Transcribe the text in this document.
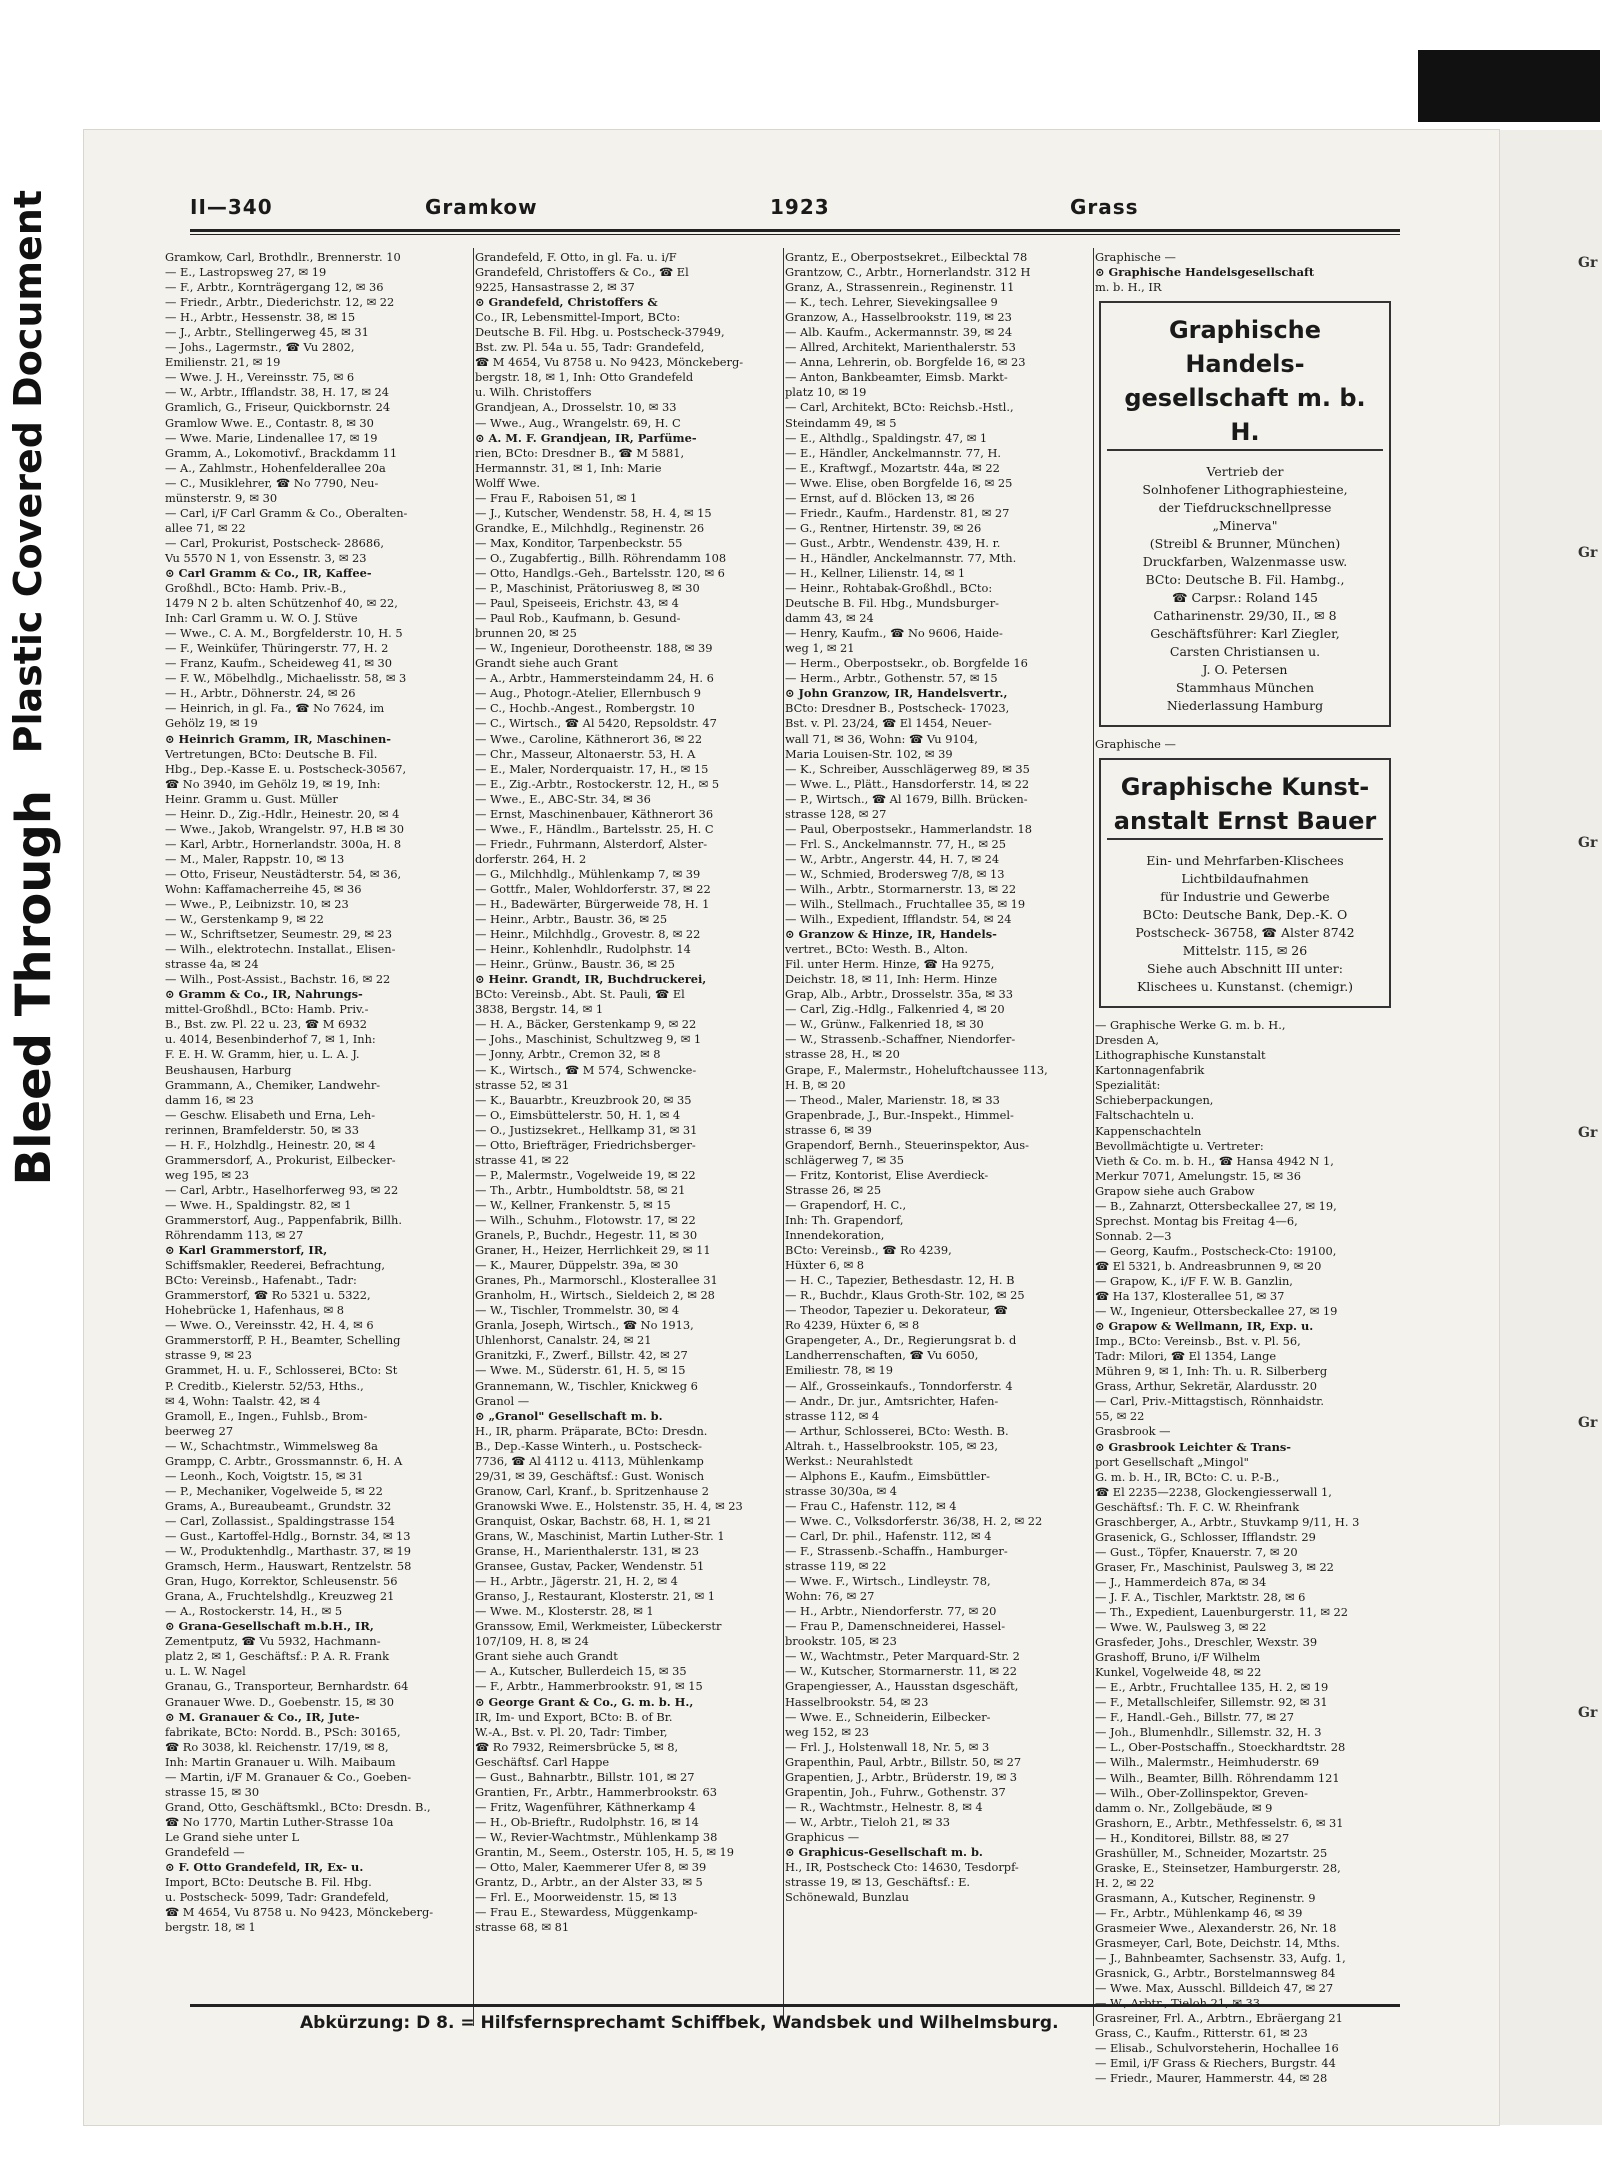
Plastic Covered Document
Bleed Through
Gr
Gr
Gr
Gr
Gr
Gr
II—340	Gramkow	1923	Grass

Gramkow, Carl, Brothdlr., Brennerstr. 10

— E., Lastropsweg 27, ✉ 19

— F., Arbtr., Kornträgergang 12, ✉ 36

— Friedr., Arbtr., Diederichstr. 12, ✉ 22

— H., Arbtr., Hessenstr. 38, ✉ 15

— J., Arbtr., Stellingerweg 45, ✉ 31

— Johs., Lagermstr., ☎ Vu 2802,

Emilienstr. 21, ✉ 19

— Wwe. J. H., Vereinsstr. 75, ✉ 6

— W., Arbtr., Ifflandstr. 38, H. 17, ✉ 24

Gramlich, G., Friseur, Quickbornstr. 24

Gramlow Wwe. E., Contastr. 8, ✉ 30

— Wwe. Marie, Lindenallee 17, ✉ 19

Gramm, A., Lokomotivf., Brackdamm 11

— A., Zahlmstr., Hohenfelderallee 20a

— C., Musiklehrer, ☎ No 7790, Neu-

münsterstr. 9, ✉ 30

— Carl, i/F Carl Gramm & Co., Oberalten-

allee 71, ✉ 22

— Carl, Prokurist, Postscheck- 28686,

Vu 5570 N 1, von Essenstr. 3, ✉ 23

⊙ Carl Gramm & Co., IR, Kaffee-

Großhdl., BCto: Hamb. Priv.-B.,

1479 N 2 b. alten Schützenhof 40, ✉ 22,

Inh: Carl Gramm u. W. O. J. Stüve

— Wwe., C. A. M., Borgfelderstr. 10, H. 5

— F., Weinküfer, Thüringerstr. 77, H. 2

— Franz, Kaufm., Scheideweg 41, ✉ 30

— F. W., Möbelhdlg., Michaelisstr. 58, ✉ 3

— H., Arbtr., Döhnerstr. 24, ✉ 26

— Heinrich, in gl. Fa., ☎ No 7624, im

Gehölz 19, ✉ 19

⊙ Heinrich Gramm, IR, Maschinen-

Vertretungen, BCto: Deutsche B. Fil.

Hbg., Dep.-Kasse E. u. Postscheck-30567,

☎ No 3940, im Gehölz 19, ✉ 19, Inh:

Heinr. Gramm u. Gust. Müller

— Heinr. D., Zig.-Hdlr., Heinestr. 20, ✉ 4

— Wwe., Jakob, Wrangelstr. 97, H.B ✉ 30

— Karl, Arbtr., Hornerlandstr. 300a, H. 8

— M., Maler, Rappstr. 10, ✉ 13

— Otto, Friseur, Neustädterstr. 54, ✉ 36,

Wohn: Kaffamacherreihe 45, ✉ 36

— Wwe., P., Leibnizstr. 10, ✉ 23

— W., Gerstenkamp 9, ✉ 22

— W., Schriftsetzer, Seumestr. 29, ✉ 23

— Wilh., elektrotechn. Installat., Elisen-

strasse 4a, ✉ 24

— Wilh., Post-Assist., Bachstr. 16, ✉ 22

⊙ Gramm & Co., IR, Nahrungs-

mittel-Großhdl., BCto: Hamb. Priv.-

B., Bst. zw. Pl. 22 u. 23, ☎ M 6932

u. 4014, Besenbinderhof 7, ✉ 1, Inh:

F. E. H. W. Gramm, hier, u. L. A. J.

Beushausen, Harburg

Grammann, A., Chemiker, Landwehr-

damm 16, ✉ 23

— Geschw. Elisabeth und Erna, Leh-

rerinnen, Bramfelderstr. 50, ✉ 33

— H. F., Holzhdlg., Heinestr. 20, ✉ 4

Grammersdorf, A., Prokurist, Eilbecker-

weg 195, ✉ 23

— Carl, Arbtr., Haselhorferweg 93, ✉ 22

— Wwe. H., Spaldingstr. 82, ✉ 1

Grammerstorf, Aug., Pappenfabrik, Billh.

Röhrendamm 113, ✉ 27

⊙ Karl Grammerstorf, IR,

Schiffsmakler, Reederei, Befrachtung,

BCto: Vereinsb., Hafenabt., Tadr:

Grammerstorf, ☎ Ro 5321 u. 5322,

Hohebrücke 1, Hafenhaus, ✉ 8

— Wwe. O., Vereinsstr. 42, H. 4, ✉ 6

Grammerstorff, P. H., Beamter, Schelling

strasse 9, ✉ 23

Grammet, H. u. F., Schlosserei, BCto: St

P. Creditb., Kielerstr. 52/53, Hths.,

✉ 4, Wohn: Taalstr. 42, ✉ 4

Gramoll, E., Ingen., Fuhlsb., Brom-

beerweg 27

— W., Schachtmstr., Wimmelsweg 8a

Grampp, C. Arbtr., Grossmannstr. 6, H. A

— Leonh., Koch, Voigtstr. 15, ✉ 31

— P., Mechaniker, Vogelweide 5, ✉ 22

Grams, A., Bureaubeamt., Grundstr. 32

— Carl, Zollassist., Spaldingstrasse 154

— Gust., Kartoffel-Hdlg., Bornstr. 34, ✉ 13

— W., Produktenhdlg., Marthastr. 37, ✉ 19

Gramsch, Herm., Hauswart, Rentzelstr. 58

Gran, Hugo, Korrektor, Schleusenstr. 56

Grana, A., Fruchtelshdlg., Kreuzweg 21

— A., Rostockerstr. 14, H., ✉ 5

⊙ Grana-Gesellschaft m.b.H., IR,

Zementputz, ☎ Vu 5932, Hachmann-

platz 2, ✉ 1, Geschäftsf.: P. A. R. Frank

u. L. W. Nagel

Granau, G., Transporteur, Bernhardstr. 64

Granauer Wwe. D., Goebenstr. 15, ✉ 30

⊙ M. Granauer & Co., IR, Jute-

fabrikate, BCto: Nordd. B., PSch: 30165,

☎ Ro 3038, kl. Reichenstr. 17/19, ✉ 8,

Inh: Martin Granauer u. Wilh. Maibaum

— Martin, i/F M. Granauer & Co., Goeben-

strasse 15, ✉ 30

Grand, Otto, Geschäftsmkl., BCto: Dresdn. B.,

☎ No 1770, Martin Luther-Strasse 10a

Le Grand siehe unter L

Grandefeld —

⊙ F. Otto Grandefeld, IR, Ex- u.

Import, BCto: Deutsche B. Fil. Hbg.

u. Postscheck- 5099, Tadr: Grandefeld,

☎ M 4654, Vu 8758 u. No 9423, Mönckeberg-

bergstr. 18, ✉ 1

Grandefeld, F. Otto, in gl. Fa. u. i/F

Grandefeld, Christoffers & Co., ☎ El

9225, Hansastrasse 2, ✉ 37

⊙ Grandefeld, Christoffers &

Co., IR, Lebensmittel-Import, BCto:

Deutsche B. Fil. Hbg. u. Postscheck-37949,

Bst. zw. Pl. 54a u. 55, Tadr: Grandefeld,

☎ M 4654, Vu 8758 u. No 9423, Mönckeberg-

bergstr. 18, ✉ 1, Inh: Otto Grandefeld

u. Wilh. Christoffers

Grandjean, A., Drosselstr. 10, ✉ 33

— Wwe., Aug., Wrangelstr. 69, H. C

⊙ A. M. F. Grandjean, IR, Parfüme-

rien, BCto: Dresdner B., ☎ M 5881,

Hermannstr. 31, ✉ 1, Inh: Marie

Wolff Wwe.

— Frau F., Raboisen 51, ✉ 1

— J., Kutscher, Wendenstr. 58, H. 4, ✉ 15

Grandke, E., Milchhdlg., Reginenstr. 26

— Max, Konditor, Tarpenbeckstr. 55

— O., Zugabfertig., Billh. Röhrendamm 108

— Otto, Handlgs.-Geh., Bartelsstr. 120, ✉ 6

— P., Maschinist, Prätoriusweg 8, ✉ 30

— Paul, Speiseeis, Erichstr. 43, ✉ 4

— Paul Rob., Kaufmann, b. Gesund-

brunnen 20, ✉ 25

— W., Ingenieur, Dorotheenstr. 188, ✉ 39

Grandt siehe auch Grant

— A., Arbtr., Hammersteindamm 24, H. 6

— Aug., Photogr.-Atelier, Ellernbusch 9

— C., Hochb.-Angest., Rombergstr. 10

— C., Wirtsch., ☎ Al 5420, Repsoldstr. 47

— Wwe., Caroline, Käthnerort 36, ✉ 22

— Chr., Masseur, Altonaerstr. 53, H. A

— E., Maler, Norderquaistr. 17, H., ✉ 15

— E., Zig.-Arbtr., Rostockerstr. 12, H., ✉ 5

— Wwe., E., ABC-Str. 34, ✉ 36

— Ernst, Maschinenbauer, Käthnerort 36

— Wwe., F., Händlm., Bartelsstr. 25, H. C

— Friedr., Fuhrmann, Alsterdorf, Alster-

dorferstr. 264, H. 2

— G., Milchhdlg., Mühlenkamp 7, ✉ 39

— Gottfr., Maler, Wohldorferstr. 37, ✉ 22

— H., Badewärter, Bürgerweide 78, H. 1

— Heinr., Arbtr., Baustr. 36, ✉ 25

— Heinr., Milchhdlg., Grovestr. 8, ✉ 22

— Heinr., Kohlenhdlr., Rudolphstr. 14

— Heinr., Grünw., Baustr. 36, ✉ 25

⊙ Heinr. Grandt, IR, Buchdruckerei,

BCto: Vereinsb., Abt. St. Pauli, ☎ El

3838, Bergstr. 14, ✉ 1

— H. A., Bäcker, Gerstenkamp 9, ✉ 22

— Johs., Maschinist, Schultzweg 9, ✉ 1

— Jonny, Arbtr., Cremon 32, ✉ 8

— K., Wirtsch., ☎ M 574, Schwencke-

strasse 52, ✉ 31

— K., Bauarbtr., Kreuzbrook 20, ✉ 35

— O., Eimsbüttelerstr. 50, H. 1, ✉ 4

— O., Justizsekret., Hellkamp 31, ✉ 31

— Otto, Briefträger, Friedrichsberger-

strasse 41, ✉ 22

— P., Malermstr., Vogelweide 19, ✉ 22

— Th., Arbtr., Humboldtstr. 58, ✉ 21

— W., Kellner, Frankenstr. 5, ✉ 15

— Wilh., Schuhm., Flotowstr. 17, ✉ 22

Granels, P., Buchdr., Hegestr. 11, ✉ 30

Graner, H., Heizer, Herrlichkeit 29, ✉ 11

— K., Maurer, Düppelstr. 39a, ✉ 30

Granes, Ph., Marmorschl., Klosterallee 31

Granholm, H., Wirtsch., Sieldeich 2, ✉ 28

— W., Tischler, Trommelstr. 30, ✉ 4

Granla, Joseph, Wirtsch., ☎ No 1913,

Uhlenhorst, Canalstr. 24, ✉ 21

Granitzki, F., Zwerf., Billstr. 42, ✉ 27

— Wwe. M., Süderstr. 61, H. 5, ✉ 15

Grannemann, W., Tischler, Knickweg 6

Granol —

⊙ „Granol" Gesellschaft m. b.

H., IR, pharm. Präparate, BCto: Dresdn.

B., Dep.-Kasse Winterh., u. Postscheck-

7736, ☎ Al 4112 u. 4113, Mühlenkamp

29/31, ✉ 39, Geschäftsf.: Gust. Wonisch

Granow, Carl, Kranf., b. Spritzenhause 2

Granowski Wwe. E., Holstenstr. 35, H. 4, ✉ 23

Granquist, Oskar, Bachstr. 68, H. 1, ✉ 21

Grans, W., Maschinist, Martin Luther-Str. 1

Granse, H., Marienthalerstr. 131, ✉ 23

Gransee, Gustav, Packer, Wendenstr. 51

— H., Arbtr., Jägerstr. 21, H. 2, ✉ 4

Granso, J., Restaurant, Klosterstr. 21, ✉ 1

— Wwe. M., Klosterstr. 28, ✉ 1

Granssow, Emil, Werkmeister, Lübeckerstr

107/109, H. 8, ✉ 24

Grant siehe auch Grandt

— A., Kutscher, Bullerdeich 15, ✉ 35

— F., Arbtr., Hammerbrookstr. 91, ✉ 15

⊙ George Grant & Co., G. m. b. H.,

IR, Im- und Export, BCto: B. of Br.

W.-A., Bst. v. Pl. 20, Tadr: Timber,

☎ Ro 7932, Reimersbrücke 5, ✉ 8,

Geschäftsf. Carl Happe

— Gust., Bahnarbtr., Billstr. 101, ✉ 27

Grantien, Fr., Arbtr., Hammerbrookstr. 63

— Fritz, Wagenführer, Käthnerkamp 4

— H., Ob-Brieftr., Rudolphstr. 16, ✉ 14

— W., Revier-Wachtmstr., Mühlenkamp 38

Grantin, M., Seem., Osterstr. 105, H. 5, ✉ 19

— Otto, Maler, Kaemmerer Ufer 8, ✉ 39

Grantz, D., Arbtr., an der Alster 33, ✉ 5

— Frl. E., Moorweidenstr. 15, ✉ 13

— Frau E., Stewardess, Müggenkamp-

strasse 68, ✉ 81

Grantz, E., Oberpostsekret., Eilbecktal 78

Grantzow, C., Arbtr., Hornerlandstr. 312 H

Granz, A., Strassenrein., Reginenstr. 11

— K., tech. Lehrer, Sievekingsallee 9

Granzow, A., Hasselbrookstr. 119, ✉ 23

— Alb. Kaufm., Ackermannstr. 39, ✉ 24

— Allred, Architekt, Marienthalerstr. 53

— Anna, Lehrerin, ob. Borgfelde 16, ✉ 23

— Anton, Bankbeamter, Eimsb. Markt-

platz 10, ✉ 19

— Carl, Architekt, BCto: Reichsb.-Hstl.,

Steindamm 49, ✉ 5

— E., Althdlg., Spaldingstr. 47, ✉ 1

— E., Händler, Anckelmannstr. 77, H.

— E., Kraftwgf., Mozartstr. 44a, ✉ 22

— Wwe. Elise, oben Borgfelde 16, ✉ 25

— Ernst, auf d. Blöcken 13, ✉ 26

— Friedr., Kaufm., Hardenstr. 81, ✉ 27

— G., Rentner, Hirtenstr. 39, ✉ 26

— Gust., Arbtr., Wendenstr. 439, H. r.

— H., Händler, Anckelmannstr. 77, Mth.

— H., Kellner, Lilienstr. 14, ✉ 1

— Heinr., Rohtabak-Großhdl., BCto:

Deutsche B. Fil. Hbg., Mundsburger-

damm 43, ✉ 24

— Henry, Kaufm., ☎ No 9606, Haide-

weg 1, ✉ 21

— Herm., Oberpostsekr., ob. Borgfelde 16

— Herm., Arbtr., Gothenstr. 57, ✉ 15

⊙ John Granzow, IR, Handelsvertr.,

BCto: Dresdner B., Postscheck- 17023,

Bst. v. Pl. 23/24, ☎ El 1454, Neuer-

wall 71, ✉ 36, Wohn: ☎ Vu 9104,

Maria Louisen-Str. 102, ✉ 39

— K., Schreiber, Ausschlägerweg 89, ✉ 35

— Wwe. L., Plätt., Hansdorferstr. 14, ✉ 22

— P., Wirtsch., ☎ Al 1679, Billh. Brücken-

strasse 128, ✉ 27

— Paul, Oberpostsekr., Hammerlandstr. 18

— Frl. S., Anckelmannstr. 77, H., ✉ 25

— W., Arbtr., Angerstr. 44, H. 7, ✉ 24

— W., Schmied, Brodersweg 7/8, ✉ 13

— Wilh., Arbtr., Stormarnerstr. 13, ✉ 22

— Wilh., Stellmach., Fruchtallee 35, ✉ 19

— Wilh., Expedient, Ifflandstr. 54, ✉ 24

⊙ Granzow & Hinze, IR, Handels-

vertret., BCto: Westh. B., Alton.

Fil. unter Herm. Hinze, ☎ Ha 9275,

Deichstr. 18, ✉ 11, Inh: Herm. Hinze

Grap, Alb., Arbtr., Drosselstr. 35a, ✉ 33

— Carl, Zig.-Hdlg., Falkenried 4, ✉ 20

— W., Grünw., Falkenried 18, ✉ 30

— W., Strassenb.-Schaffner, Niendorfer-

strasse 28, H., ✉ 20

Grape, F., Malermstr., Hoheluftchaussee 113,

H. B, ✉ 20

— Theod., Maler, Marienstr. 18, ✉ 33

Grapenbrade, J., Bur.-Inspekt., Himmel-

strasse 6, ✉ 39

Grapendorf, Bernh., Steuerinspektor, Aus-

schlägerweg 7, ✉ 35

— Fritz, Kontorist, Elise Averdieck-

Strasse 26, ✉ 25

— Grapendorf, H. C.,

Inh: Th. Grapendorf,

Innendekoration,

BCto: Vereinsb., ☎ Ro 4239,

Hüxter 6, ✉ 8

— H. C., Tapezier, Bethesdastr. 12, H. B

— R., Buchdr., Klaus Groth-Str. 102, ✉ 25

— Theodor, Tapezier u. Dekorateur, ☎

Ro 4239, Hüxter 6, ✉ 8

Grapengeter, A., Dr., Regierungsrat b. d

Landherrenschaften, ☎ Vu 6050,

Emiliestr. 78, ✉ 19

— Alf., Grosseinkaufs., Tonndorferstr. 4

— Andr., Dr. jur., Amtsrichter, Hafen-

strasse 112, ✉ 4

— Arthur, Schlosserei, BCto: Westh. B.

Altrah. t., Hasselbrookstr. 105, ✉ 23,

Werkst.: Neurahlstedt

— Alphons E., Kaufm., Eimsbüttler-

strasse 30/30a, ✉ 4

— Frau C., Hafenstr. 112, ✉ 4

— Wwe. C., Volksdorferstr. 36/38, H. 2, ✉ 22

— Carl, Dr. phil., Hafenstr. 112, ✉ 4

— F., Strassenb.-Schaffn., Hamburger-

strasse 119, ✉ 22

— Wwe. F., Wirtsch., Lindleystr. 78,

Wohn: 76, ✉ 27

— H., Arbtr., Niendorferstr. 77, ✉ 20

— Frau P., Damenschneiderei, Hassel-

brookstr. 105, ✉ 23

— W., Wachtmstr., Peter Marquard-Str. 2

— W., Kutscher, Stormarnerstr. 11, ✉ 22

Grapengiesser, A., Hausstan dsgeschäft,

Hasselbrookstr. 54, ✉ 23

— Wwe. E., Schneiderin, Eilbecker-

weg 152, ✉ 23

— Frl. J., Holstenwall 18, Nr. 5, ✉ 3

Grapenthin, Paul, Arbtr., Billstr. 50, ✉ 27

Grapentien, J., Arbtr., Brüderstr. 19, ✉ 3

Grapentin, Joh., Fuhrw., Gothenstr. 37

— R., Wachtmstr., Helnestr. 8, ✉ 4

— W., Arbtr., Tieloh 21, ✉ 33

Graphicus —

⊙ Graphicus-Gesellschaft m. b.

H., IR, Postscheck Cto: 14630, Tesdorpf-

strasse 19, ✉ 13, Geschäftsf.: E.

Schönewald, Bunzlau

Graphische —

⊙ Graphische Handelsgesellschaft

m. b. H., IR

Graphische Handels-gesellschaft m. b. H.
Vertrieb der
Solnhofener Lithographiesteine,
der Tiefdruckschnellpresse
„Minerva"
(Streibl & Brunner, München)
Druckfarben, Walzenmasse usw.
BCto: Deutsche B. Fil. Hambg.,
☎ Carpsr.: Roland 145
Catharinenstr. 29/30, II., ✉ 8
Geschäftsführer: Karl Ziegler,
Carsten Christiansen u.
J. O. Petersen
Stammhaus München
Niederlassung Hamburg

Graphische —

Graphische Kunst-anstalt Ernst Bauer
Ein- und Mehrfarben-Klischees
Lichtbildaufnahmen
für Industrie und Gewerbe
BCto: Deutsche Bank, Dep.-K. O
Postscheck- 36758, ☎ Alster 8742
Mittelstr. 115, ✉ 26
Siehe auch Abschnitt III unter:
Klischees u. Kunstanst. (chemigr.)

— Graphische Werke G. m. b. H.,

Dresden A,

Lithographische Kunstanstalt

Kartonnagenfabrik

Spezialität:

Schieberpackungen,

Faltschachteln u.

Kappenschachteln

Bevollmächtigte u. Vertreter:

Vieth & Co. m. b. H., ☎ Hansa 4942 N 1,

Merkur 7071, Amelungstr. 15, ✉ 36

Grapow siehe auch Grabow

— B., Zahnarzt, Ottersbeckallee 27, ✉ 19,

Sprechst. Montag bis Freitag 4—6,

Sonnab. 2—3

— Georg, Kaufm., Postscheck-Cto: 19100,

☎ El 5321, b. Andreasbrunnen 9, ✉ 20

— Grapow, K., i/F F. W. B. Ganzlin,

☎ Ha 137, Klosterallee 51, ✉ 37

— W., Ingenieur, Ottersbeckallee 27, ✉ 19

⊙ Grapow & Wellmann, IR, Exp. u.

Imp., BCto: Vereinsb., Bst. v. Pl. 56,

Tadr: Milori, ☎ El 1354, Lange

Mühren 9, ✉ 1, Inh: Th. u. R. Silberberg

Grass, Arthur, Sekretär, Alardusstr. 20

— Carl, Priv.-Mittagstisch, Rönnhaidstr.

55, ✉ 22

Grasbrook —

⊙ Grasbrook Leichter & Trans-

port Gesellschaft „Mingol"

G. m. b. H., IR, BCto: C. u. P.-B.,

☎ El 2235—2238, Glockengiesserwall 1,

Geschäftsf.: Th. F. C. W. Rheinfrank

Graschberger, A., Arbtr., Stuvkamp 9/11, H. 3

Grasenick, G., Schlosser, Ifflandstr. 29

— Gust., Töpfer, Knauerstr. 7, ✉ 20

Graser, Fr., Maschinist, Paulsweg 3, ✉ 22

— J., Hammerdeich 87a, ✉ 34

— J. F. A., Tischler, Marktstr. 28, ✉ 6

— Th., Expedient, Lauenburgerstr. 11, ✉ 22

— Wwe. W., Paulsweg 3, ✉ 22

Grasfeder, Johs., Dreschler, Wexstr. 39

Grashoff, Bruno, i/F Wilhelm

Kunkel, Vogelweide 48, ✉ 22

— E., Arbtr., Fruchtallee 135, H. 2, ✉ 19

— F., Metallschleifer, Sillemstr. 92, ✉ 31

— F., Handl.-Geh., Billstr. 77, ✉ 27

— Joh., Blumenhdlr., Sillemstr. 32, H. 3

— L., Ober-Postschaffn., Stoeckhardtstr. 28

— Wilh., Malermstr., Heimhuderstr. 69

— Wilh., Beamter, Billh. Röhrendamm 121

— Wilh., Ober-Zollinspektor, Greven-

damm o. Nr., Zollgebäude, ✉ 9

Grashorn, E., Arbtr., Methfesselstr. 6, ✉ 31

— H., Konditorei, Billstr. 88, ✉ 27

Grashüller, M., Schneider, Mozartstr. 25

Graske, E., Steinsetzer, Hamburgerstr. 28,

H. 2, ✉ 22

Grasmann, A., Kutscher, Reginenstr. 9

— Fr., Arbtr., Mühlenkamp 46, ✉ 39

Grasmeier Wwe., Alexanderstr. 26, Nr. 18

Grasmeyer, Carl, Bote, Deichstr. 14, Mths.

— J., Bahnbeamter, Sachsenstr. 33, Aufg. 1,

Grasnick, G., Arbtr., Borstelmannsweg 84

— Wwe. Max, Ausschl. Billdeich 47, ✉ 27

Grasreiner, Frl. A., Arbtrn., Ebräergang 21

Grass, C., Kaufm., Ritterstr. 61, ✉ 23

— Elisab., Schulvorsteherin, Hochallee 16

— Emil, i/F Grass & Riechers, Burgstr. 44

— Friedr., Maurer, Hammerstr. 44, ✉ 28

Abkürzung: D 8. = Hilfsfernsprechamt Schiffbek, Wandsbek und Wilhelmsburg.
